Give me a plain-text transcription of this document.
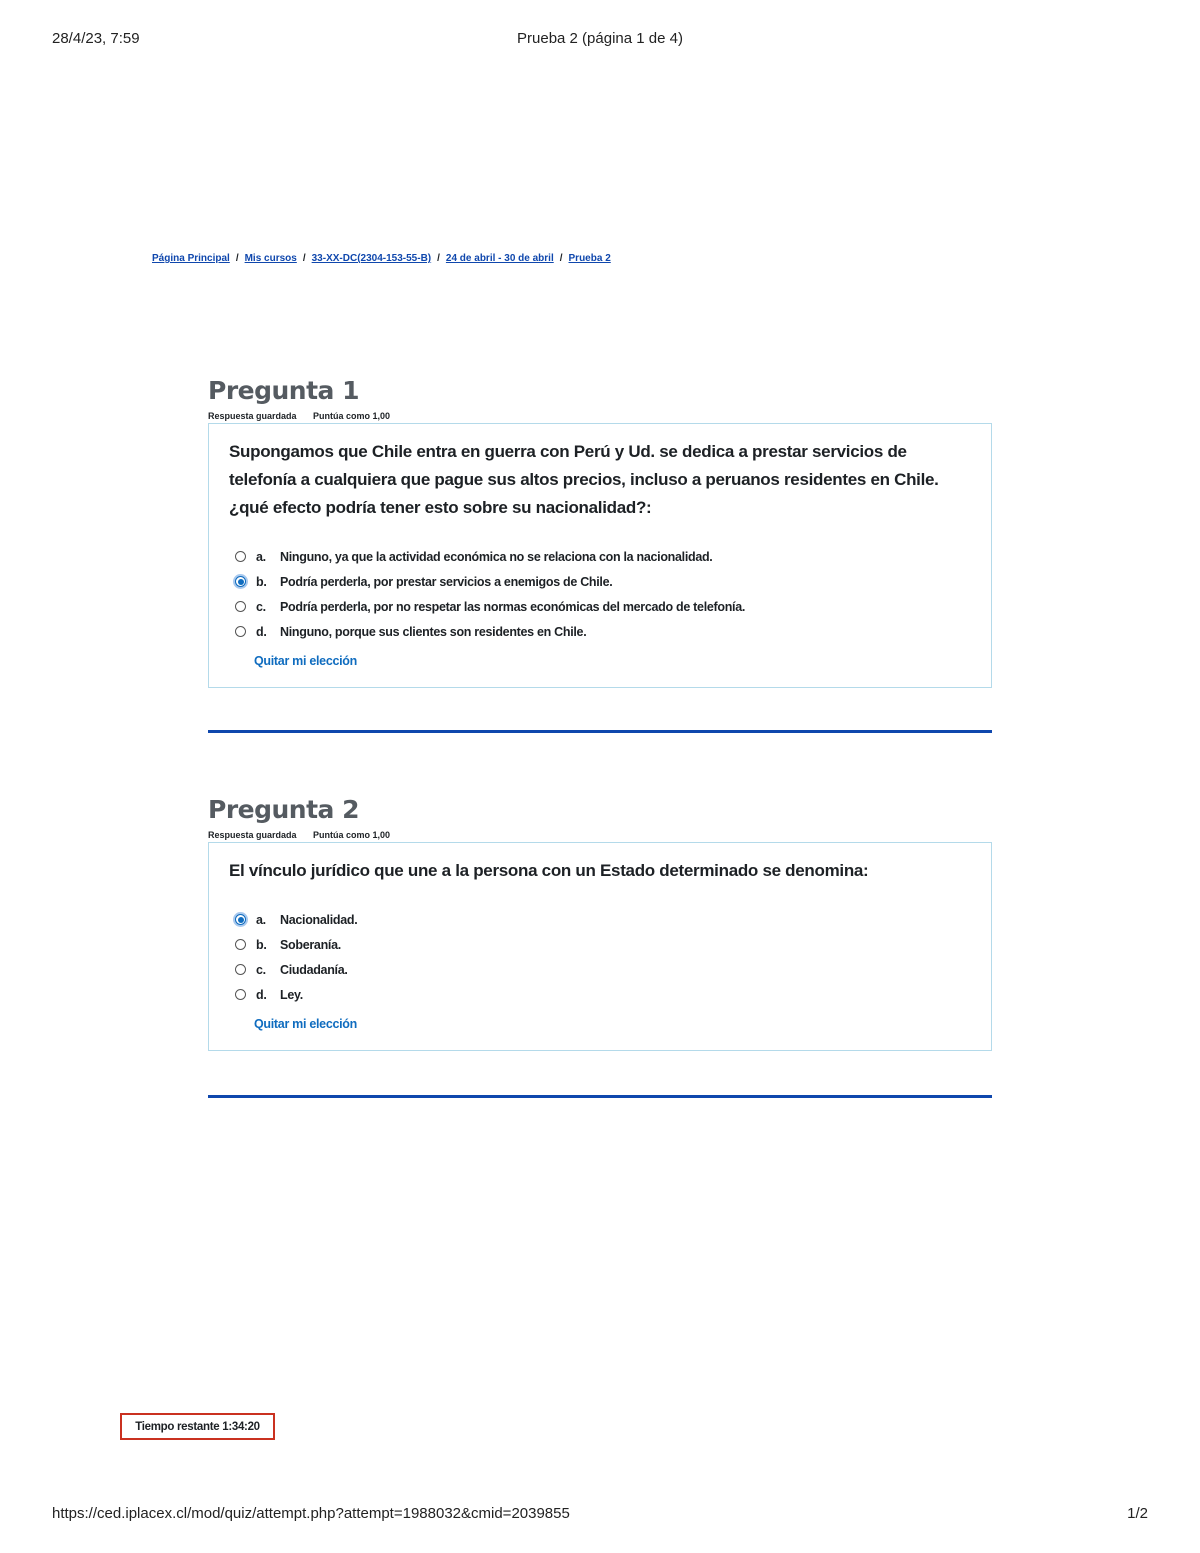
28/4/23, 7:59	Prueba 2 (página 1 de 4)
Página Principal / Mis cursos / 33-XX-DC(2304-153-55-B) / 24 de abril - 30 de abril / Prueba 2
Pregunta 1
Respuesta guardada Puntúa como 1,00

Supongamos que Chile entra en guerra con Perú y Ud. se dedica a prestar servicios de telefonía a cualquiera que pague sus altos precios, incluso a peruanos residentes en Chile. ¿qué efecto podría tener esto sobre su nacionalidad?:

a.	Ninguno, ya que la actividad económica no se relaciona con la nacionalidad.
b.	Podría perderla, por prestar servicios a enemigos de Chile.
c.	Podría perderla, por no respetar las normas económicas del mercado de telefonía.
d.	Ninguno, porque sus clientes son residentes en Chile.
Quitar mi elección
Pregunta 2
Respuesta guardada Puntúa como 1,00

El vínculo jurídico que une a la persona con un Estado determinado se denomina:

a.	Nacionalidad.
b.	Soberanía.
c.	Ciudadanía.
d.	Ley.
Quitar mi elección
Tiempo restante
1:34:20
https://ced.iplacex.cl/mod/quiz/attempt.php?attempt=1988032&cmid=2039855	1/2
